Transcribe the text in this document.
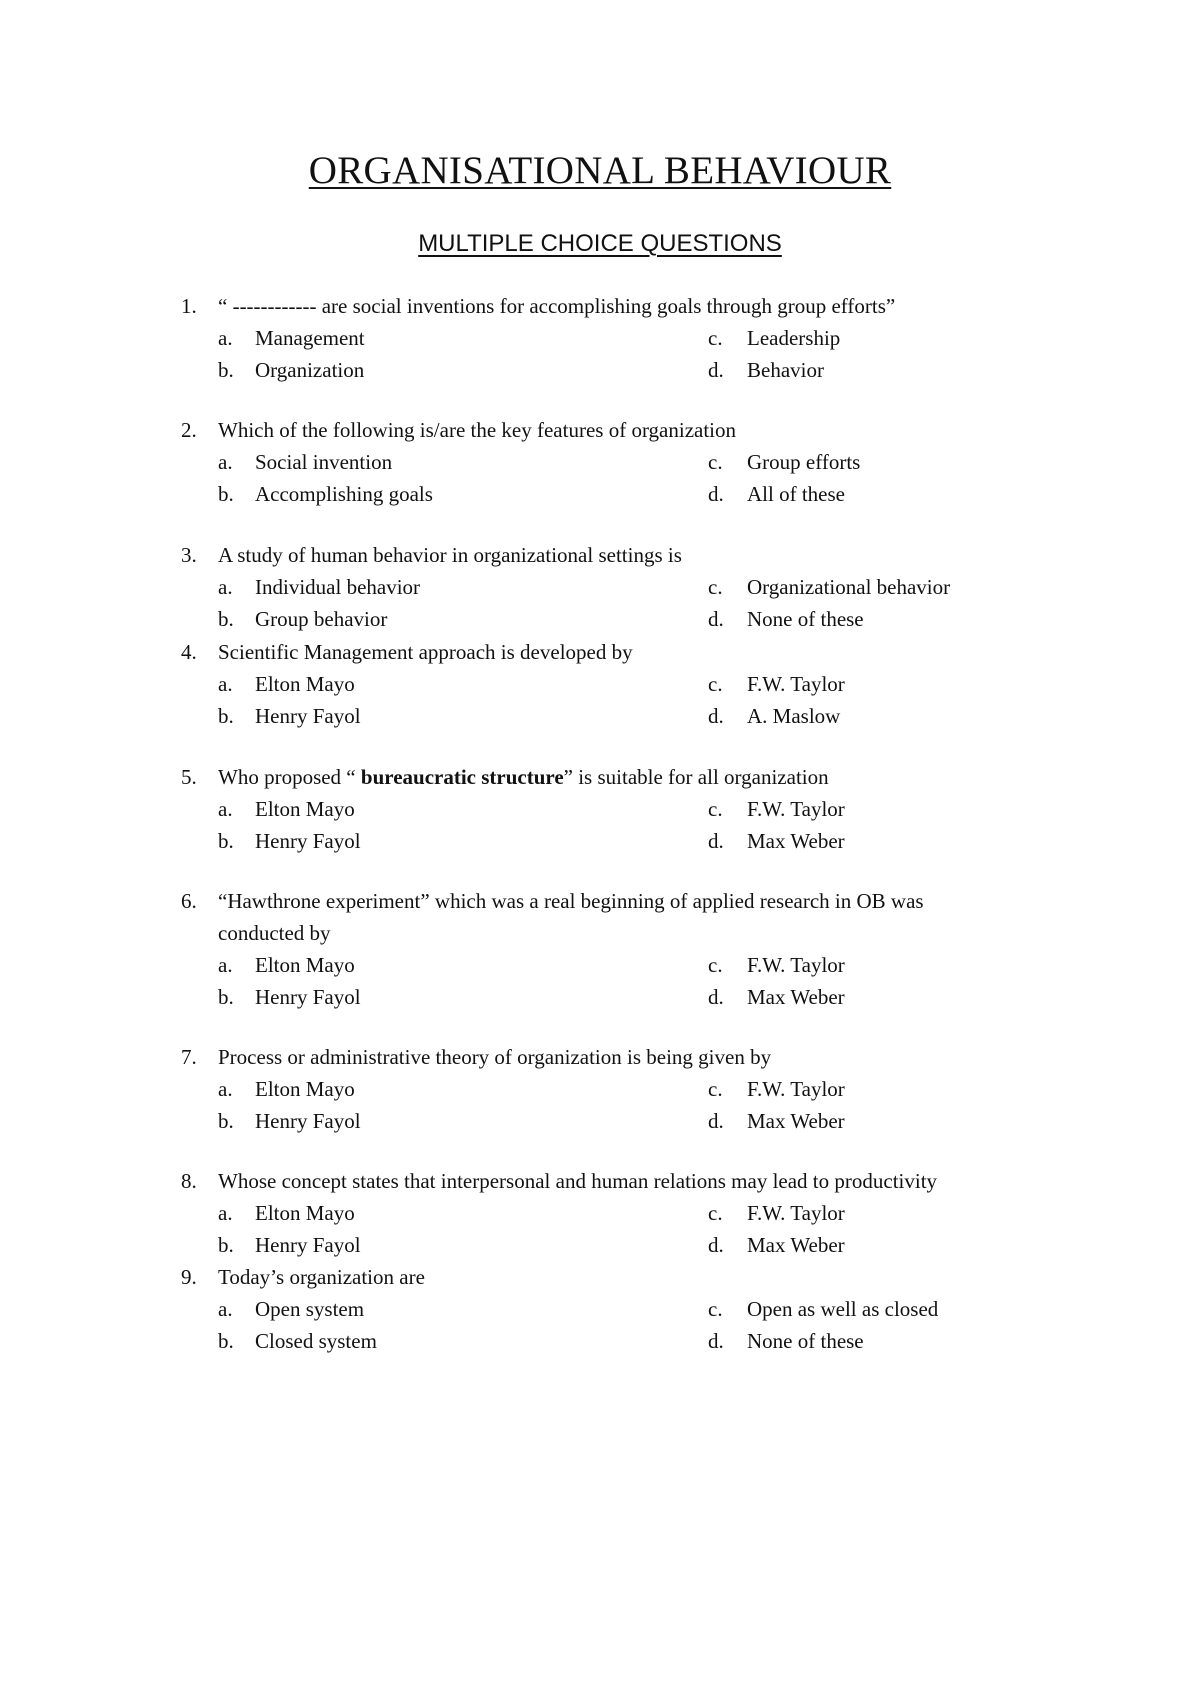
ORGANISATIONAL BEHAVIOUR
MULTIPLE CHOICE QUESTIONS
1. “ ------------ are social inventions for accomplishing goals through group efforts”
a. Management	c. Leadership
b. Organization	d. Behavior
2. Which of the following is/are the key features of organization
a. Social invention	c. Group efforts
b. Accomplishing goals	d. All of these
3. A study of human behavior in organizational settings is
a. Individual behavior	c. Organizational behavior
b. Group behavior	d. None of these
4. Scientific Management approach is developed by
a. Elton Mayo	c. F.W. Taylor
b. Henry Fayol	d. A. Maslow
5. Who proposed “ bureaucratic structure” is suitable for all organization
a. Elton Mayo	c. F.W. Taylor
b. Henry Fayol	d. Max Weber
6. “Hawthrone experiment” which was a real beginning of applied research in OB was
conducted by
a. Elton Mayo	c. F.W. Taylor
b. Henry Fayol	d. Max Weber
7. Process or administrative theory of organization is being given by
a. Elton Mayo	c. F.W. Taylor
b. Henry Fayol	d. Max Weber
8. Whose concept states that interpersonal and human relations may lead to productivity
a. Elton Mayo	c. F.W. Taylor
b. Henry Fayol	d. Max Weber
9. Today’s organization are
a. Open system	c. Open as well as closed
b. Closed system	d. None of these
